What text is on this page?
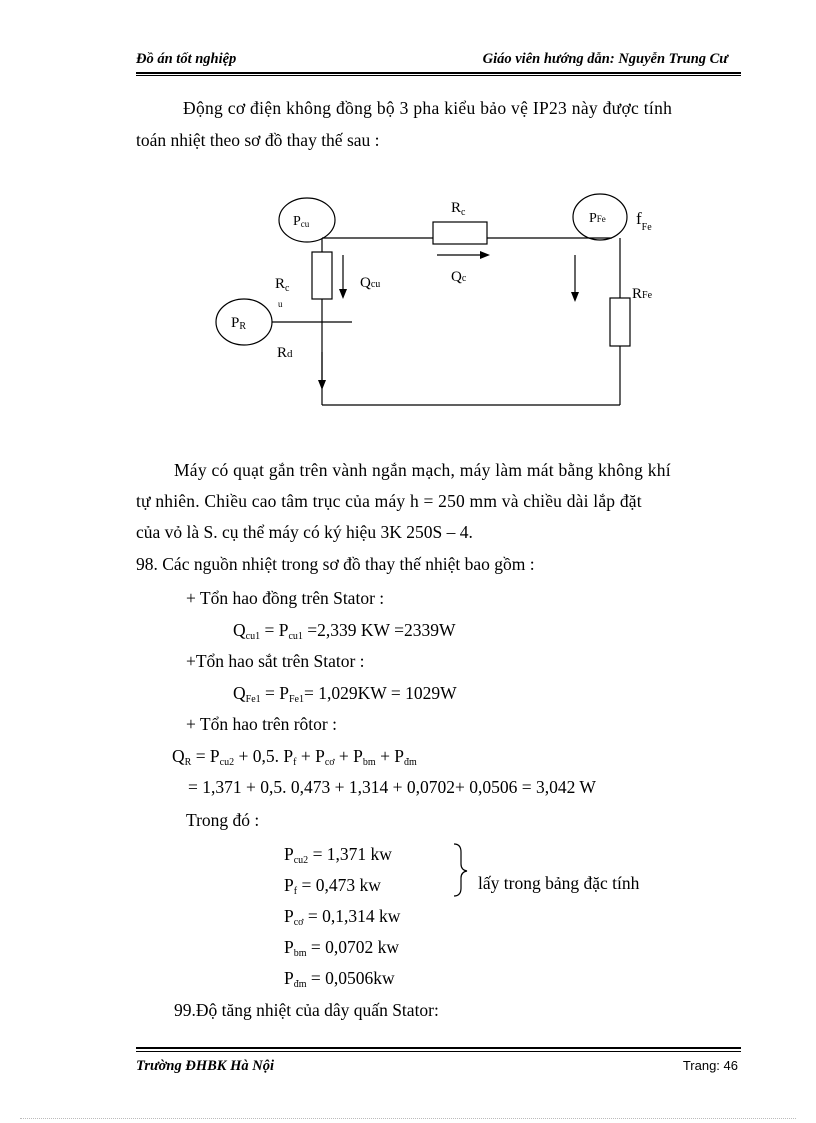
Đồ án tốt nghiệp	Giáo viên hướng dẫn: Nguyễn Trung Cư
Động cơ điện không đồng bộ 3 pha kiểu bảo vệ IP23 này được tính
toán nhiệt theo sơ đồ thay thế sau :
Pcu
$R_c$	PFe $f_{Fe}$
$R_c$
u
Qcu	Qc
RFe
PR
Rd
Máy có quạt gắn trên vành ngắn mạch, máy làm mát bằng không khí
tự nhiên. Chiều cao tâm trục của máy h = 250 mm và chiều dài lắp đặt
của vỏ là S. cụ thể máy có ký hiệu 3K 250S – 4.
98. Các nguồn nhiệt trong sơ đồ thay thế nhiệt bao gồm :
+ Tổn hao đồng trên Stator :
$Q_{cu1} = P_{cu1} =2,339$ KW =2339W
+Tổn hao sắt trên Stator :
$Q_{Fe1} = P_{Fe1}= 1,029KW = 1029W$
+ Tổn hao trên rôtor :
$Q_R = P_{cu2} + 0,5$. $P_f + P_{cơ} + P_{bm} + P_{đm}$
= 1,371 + 0,5. 0,473 + 1,314 + 0,0702+ 0,0506 = 3,042 W
Trong đó :
$P_{cu2} = 1,371$ kw
$P_f = 0,473$ kw
$P_{cơ} = 0,1,314$ kw
$P_{bm} = 0,0702$ kw
$P_{đm} = 0,0506kw$
lấy trong bảng đặc tính
99.Độ tăng nhiệt của dây quấn Stator:
Trường ĐHBK Hà Nội	Trang: 46
